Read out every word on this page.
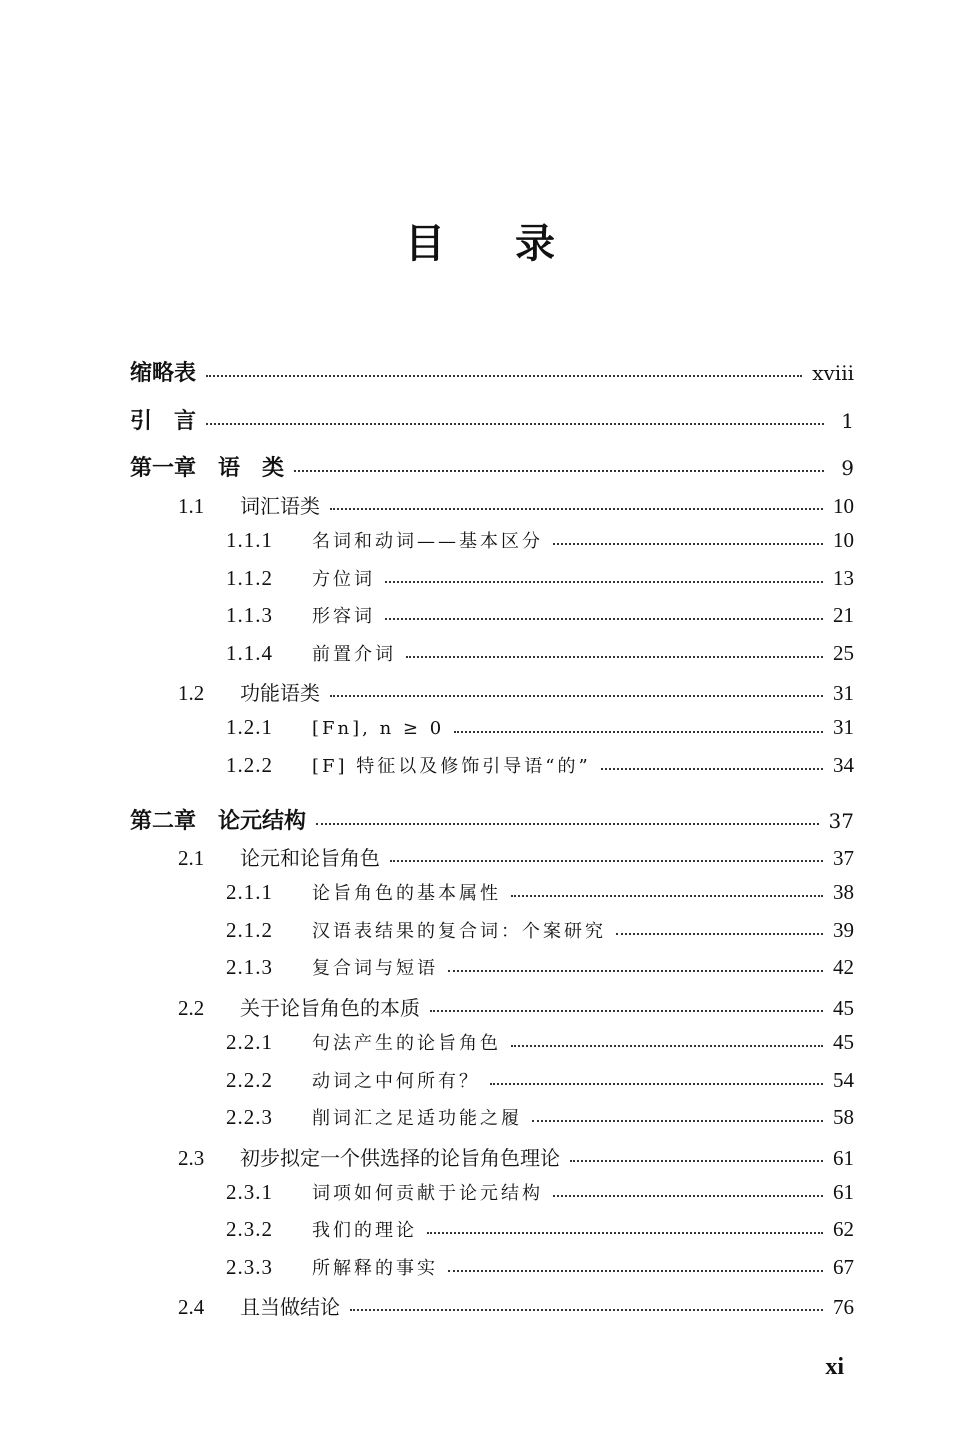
目录
缩略表	xviii
引　言	1
第一章　语　类	9
1.1	词汇语类	10
1.1.1	名词和动词——基本区分	10
1.1.2	方位词	13
1.1.3	形容词	21
1.1.4	前置介词	25
1.2	功能语类	31
1.2.1	[Fn], n ≥ 0	31
1.2.2	[F] 特征以及修饰引导语“的”	34
第二章　论元结构	37
2.1	论元和论旨角色	37
2.1.1	论旨角色的基本属性	38
2.1.2	汉语表结果的复合词：个案研究	39
2.1.3	复合词与短语	42
2.2	关于论旨角色的本质	45
2.2.1	句法产生的论旨角色	45
2.2.2	动词之中何所有？	54
2.2.3	削词汇之足适功能之履	58
2.3	初步拟定一个供选择的论旨角色理论	61
2.3.1	词项如何贡献于论元结构	61
2.3.2	我们的理论	62
2.3.3	所解释的事实	67
2.4	且当做结论	76
xi
